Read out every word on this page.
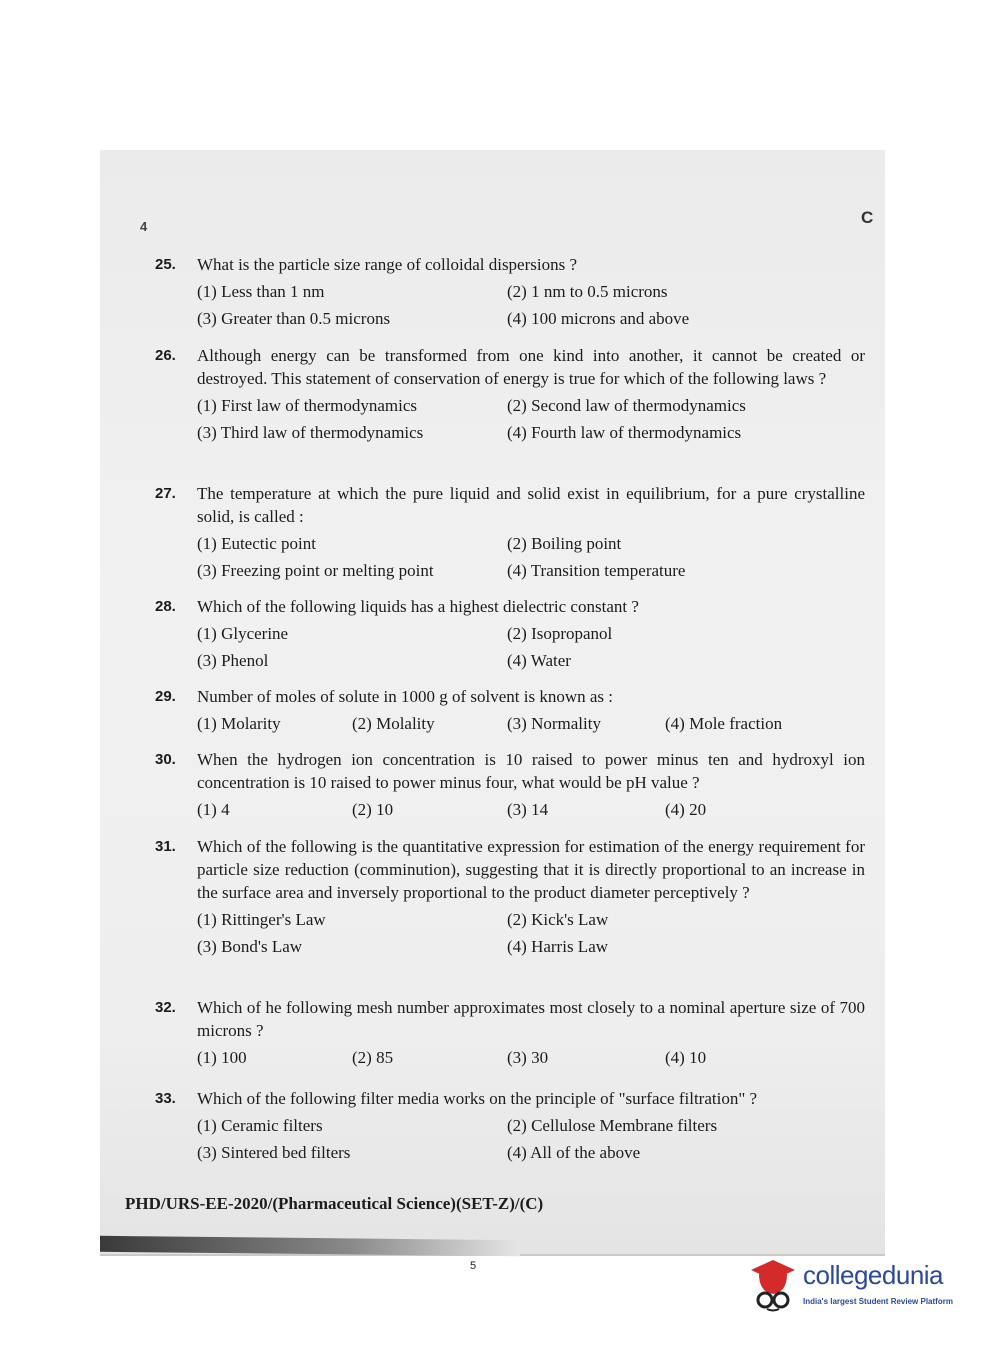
4	C
25. What is the particle size range of colloidal dispersions ?
(1) Less than 1 nm	(2) 1 nm to 0.5 microns
(3) Greater than 0.5 microns	(4) 100 microns and above
26. Although energy can be transformed from one kind into another, it cannot be created or destroyed. This statement of conservation of energy is true for which of the following laws ?
(1) First law of thermodynamics	(2) Second law of thermodynamics
(3) Third law of thermodynamics	(4) Fourth law of thermodynamics
27. The temperature at which the pure liquid and solid exist in equilibrium, for a pure crystalline solid, is called :
(1) Eutectic point	(2) Boiling point
(3) Freezing point or melting point	(4) Transition temperature
28. Which of the following liquids has a highest dielectric constant ?
(1) Glycerine	(2) Isopropanol
(3) Phenol	(4) Water
29. Number of moles of solute in 1000 g of solvent is known as :
(1) Molarity	(2) Molality	(3) Normality	(4) Mole fraction
30. When the hydrogen ion concentration is 10 raised to power minus ten and hydroxyl ion concentration is 10 raised to power minus four, what would be pH value ?
(1) 4	(2) 10	(3) 14	(4) 20
31. Which of the following is the quantitative expression for estimation of the energy requirement for particle size reduction (comminution), suggesting that it is directly proportional to an increase in the surface area and inversely proportional to the product diameter perceptively ?
(1) Rittinger's Law	(2) Kick's Law
(3) Bond's Law	(4) Harris Law
32. Which of he following mesh number approximates most closely to a nominal aperture size of 700 microns ?
(1) 100	(2) 85	(3) 30	(4) 10
33. Which of the following filter media works on the principle of "surface filtration" ?
(1) Ceramic filters	(2) Cellulose Membrane filters
(3) Sintered bed filters	(4) All of the above
PHD/URS-EE-2020/(Pharmaceutical Science)(SET-Z)/(C)
5	collegedunia
India's largest Student Review Platform
